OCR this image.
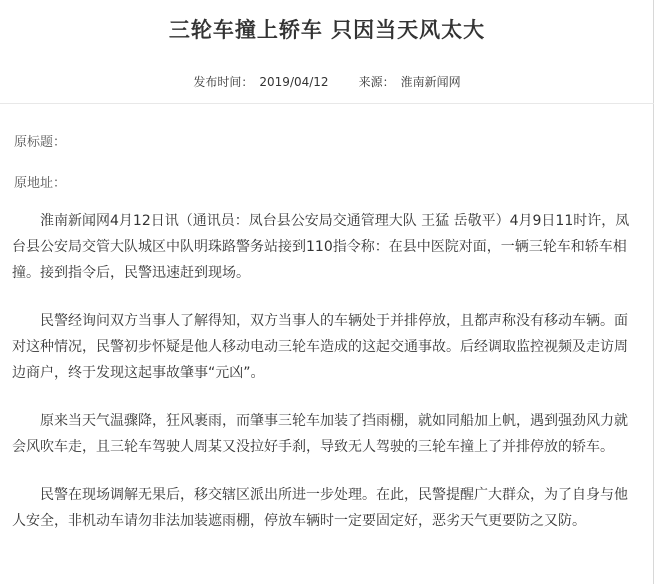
三轮车撞上轿车 只因当天风太大
发布时间： 2019/04/12	来源： 淮南新闻网
原标题：
原地址：

淮南新闻网4月12日讯（通讯员：凤台县公安局交通管理大队 王猛 岳敬平）4月9日11时许，凤台县公安局交管大队城区中队明珠路警务站接到110指令称：在县中医院对面，一辆三轮车和轿车相撞。接到指令后，民警迅速赶到现场。

民警经询问双方当事人了解得知，双方当事人的车辆处于并排停放，且都声称没有移动车辆。面对这种情况，民警初步怀疑是他人移动电动三轮车造成的这起交通事故。后经调取监控视频及走访周边商户，终于发现这起事故肇事“元凶”。

原来当天气温骤降，狂风裹雨，而肇事三轮车加装了挡雨棚，就如同船加上帆，遇到强劲风力就会风吹车走，且三轮车驾驶人周某又没拉好手刹，导致无人驾驶的三轮车撞上了并排停放的轿车。

民警在现场调解无果后，移交辖区派出所进一步处理。在此，民警提醒广大群众，为了自身与他人安全，非机动车请勿非法加装遮雨棚，停放车辆时一定要固定好，恶劣天气更要防之又防。
